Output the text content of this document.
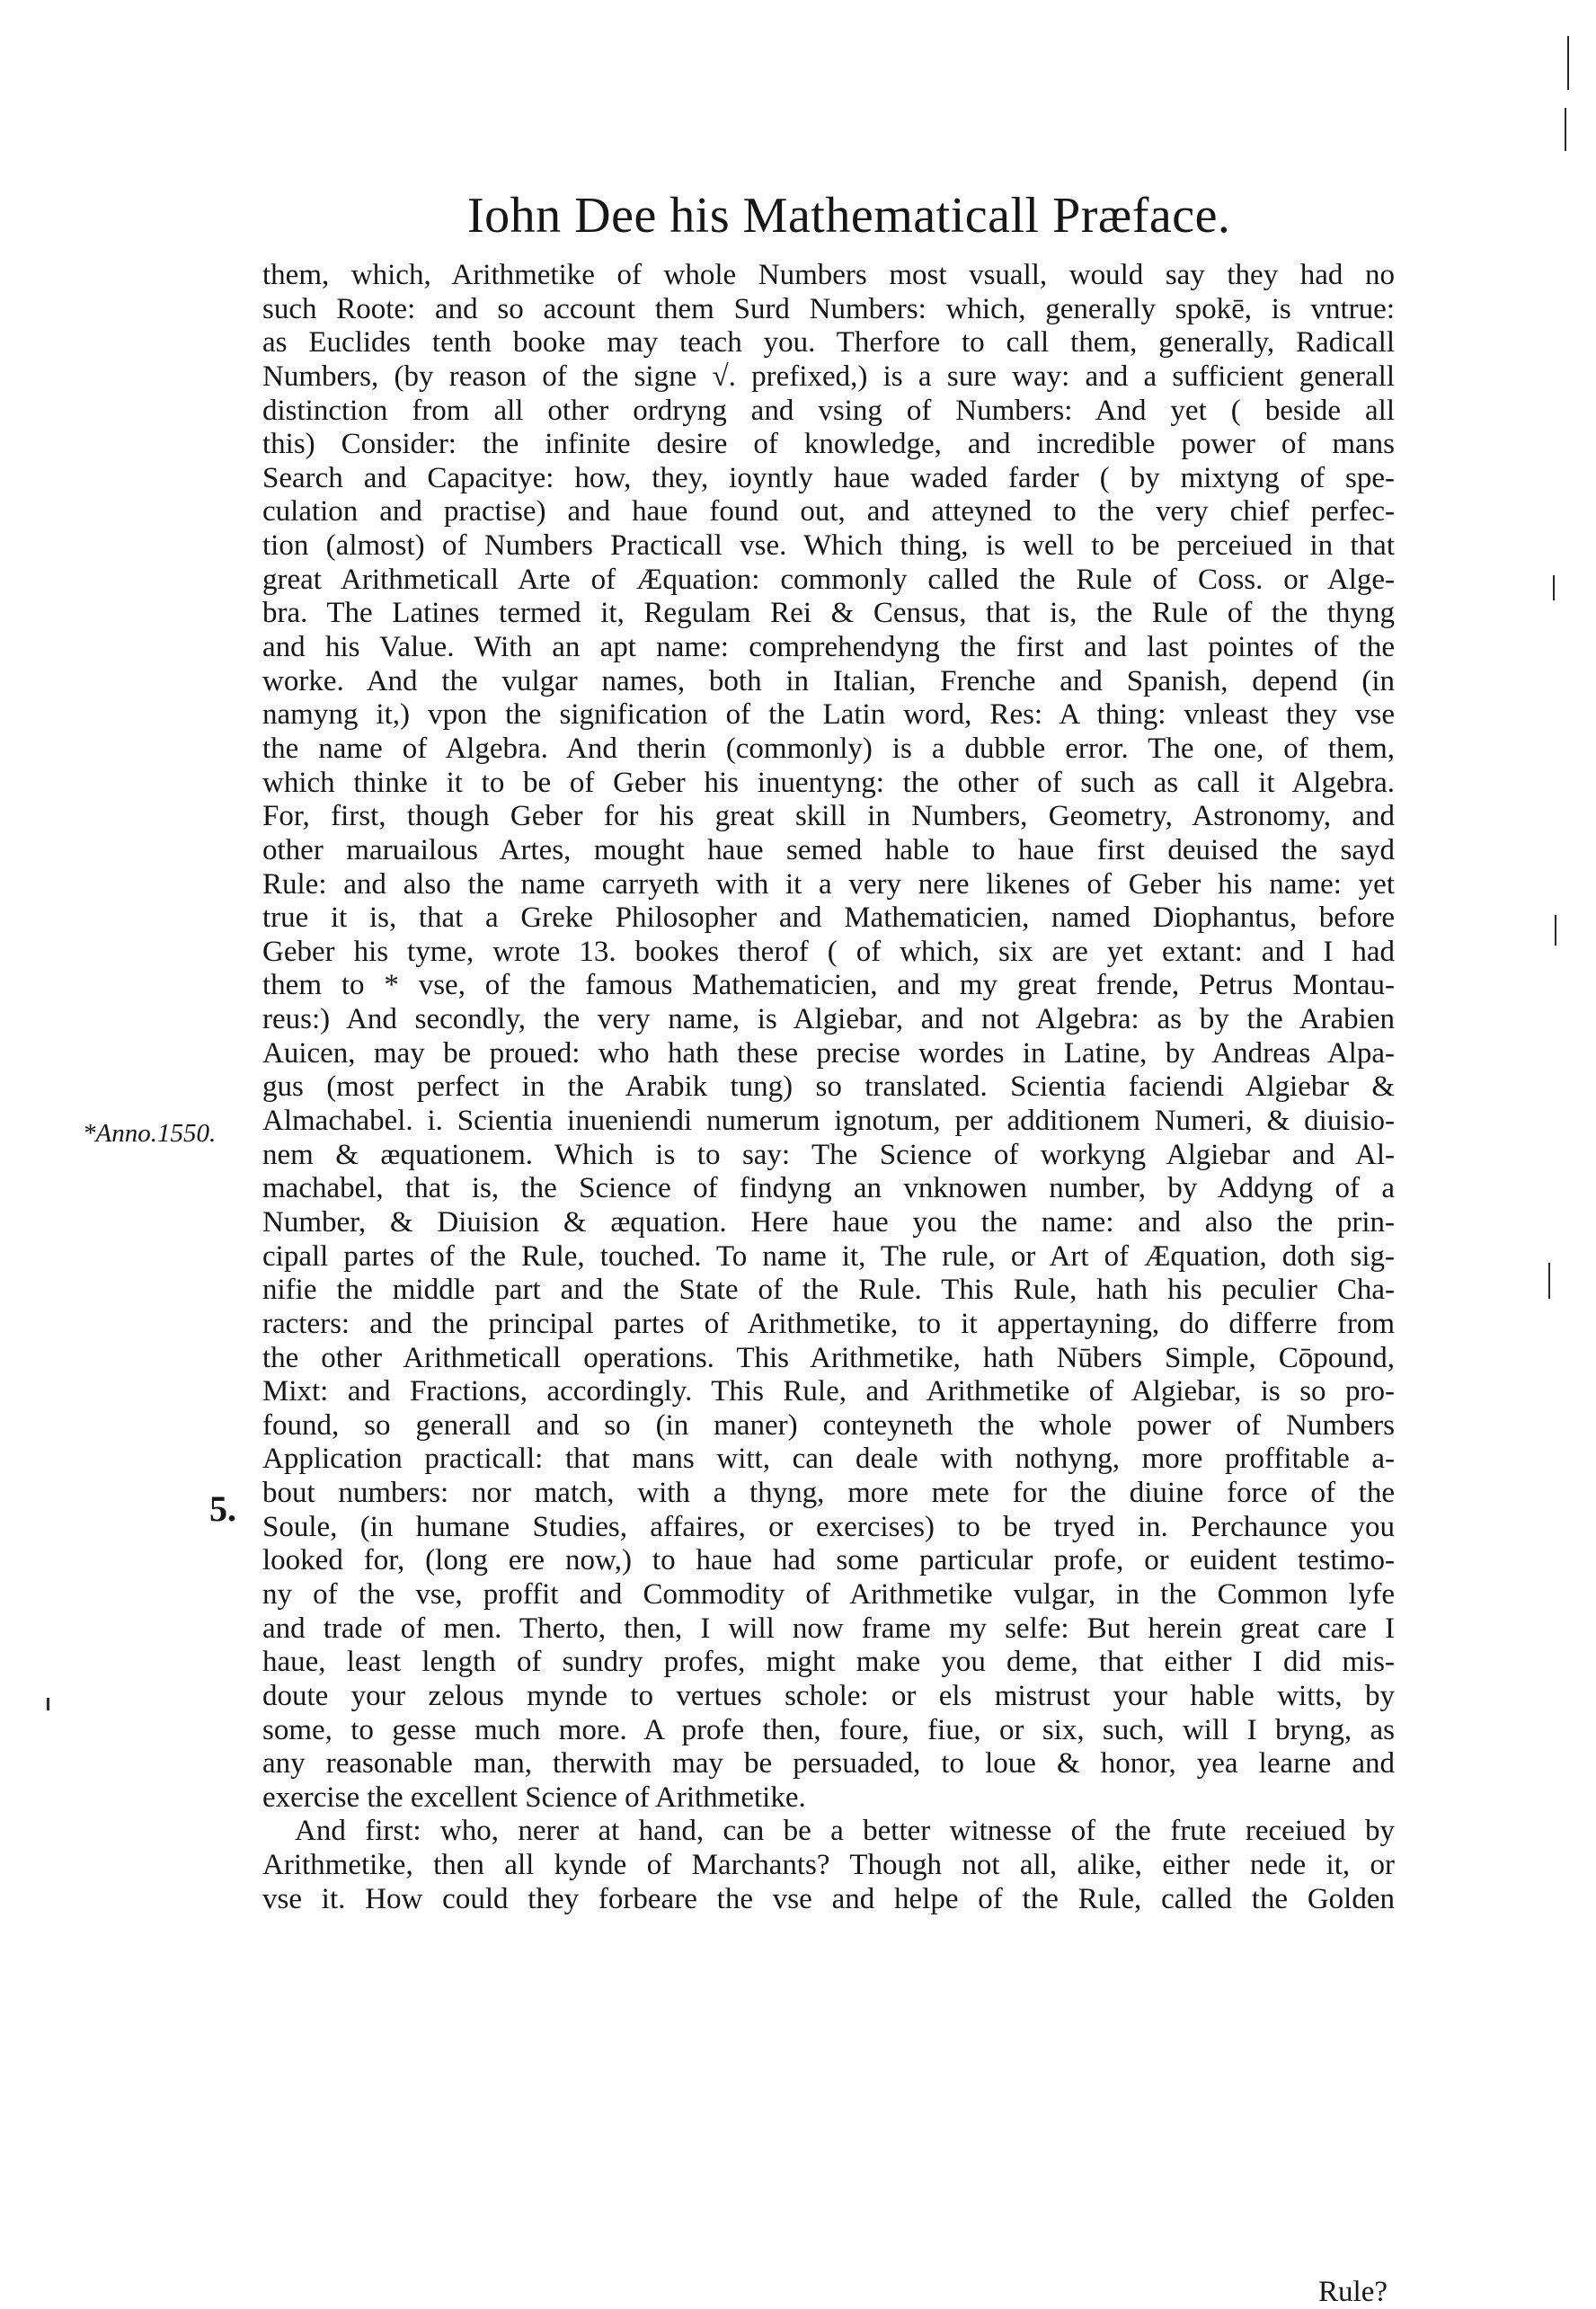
Iohn Dee his Mathematicall Præface.
*Anno.1550.
5.
them, which, Arithmetike of whole Numbers most vsuall, would say they had no
such Roote: and so account them Surd Numbers: which, generally spokē, is vntrue:
as Euclides tenth booke may teach you. Therfore to call them, generally, Radicall
Numbers, (by reason of the signe √. prefixed,) is a sure way: and a sufficient generall
distinction from all other ordryng and vsing of Numbers: And yet ( beside all
this) Consider: the infinite desire of knowledge, and incredible power of mans
Search and Capacitye: how, they, ioyntly haue waded farder ( by mixtyng of spe-
culation and practise) and haue found out, and atteyned to the very chief perfec-
tion (almost) of Numbers Practicall vse. Which thing, is well to be perceiued in that
great Arithmeticall Arte of Æquation: commonly called the Rule of Coss. or Alge-
bra. The Latines termed it, Regulam Rei & Census, that is, the Rule of the thyng
and his Value. With an apt name: comprehendyng the first and last pointes of the
worke. And the vulgar names, both in Italian, Frenche and Spanish, depend (in
namyng it,) vpon the signification of the Latin word, Res: A thing: vnleast they vse
the name of Algebra. And therin (commonly) is a dubble error. The one, of them,
which thinke it to be of Geber his inuentyng: the other of such as call it Algebra.
For, first, though Geber for his great skill in Numbers, Geometry, Astronomy, and
other maruailous Artes, mought haue semed hable to haue first deuised the sayd
Rule: and also the name carryeth with it a very nere likenes of Geber his name: yet
true it is, that a Greke Philosopher and Mathematicien, named Diophantus, before
Geber his tyme, wrote 13. bookes therof ( of which, six are yet extant: and I had
them to * vse, of the famous Mathematicien, and my great frende, Petrus Montau-
reus:) And secondly, the very name, is Algiebar, and not Algebra: as by the Arabien
Auicen, may be proued: who hath these precise wordes in Latine, by Andreas Alpa-
gus (most perfect in the Arabik tung) so translated. Scientia faciendi Algiebar &
Almachabel. i. Scientia inueniendi numerum ignotum, per additionem Numeri, & diuisio-
nem & æquationem. Which is to say: The Science of workyng Algiebar and Al-
machabel, that is, the Science of findyng an vnknowen number, by Addyng of a
Number, & Diuision & æquation. Here haue you the name: and also the prin-
cipall partes of the Rule, touched. To name it, The rule, or Art of Æquation, doth sig-
nifie the middle part and the State of the Rule. This Rule, hath his peculier Cha-
racters: and the principal partes of Arithmetike, to it appertayning, do differre from
the other Arithmeticall operations. This Arithmetike, hath Nūbers Simple, Cōpound,
Mixt: and Fractions, accordingly. This Rule, and Arithmetike of Algiebar, is so pro-
found, so generall and so (in maner) conteyneth the whole power of Numbers
Application practicall: that mans witt, can deale with nothyng, more proffitable a-
bout numbers: nor match, with a thyng, more mete for the diuine force of the
Soule, (in humane Studies, affaires, or exercises) to be tryed in. Perchaunce you
looked for, (long ere now,) to haue had some particular profe, or euident testimo-
ny of the vse, proffit and Commodity of Arithmetike vulgar, in the Common lyfe
and trade of men. Therto, then, I will now frame my selfe: But herein great care I
haue, least length of sundry profes, might make you deme, that either I did mis-
doute your zelous mynde to vertues schole: or els mistrust your hable witts, by
some, to gesse much more. A profe then, foure, fiue, or six, such, will I bryng, as
any reasonable man, therwith may be persuaded, to loue & honor, yea learne and
exercise the excellent Science of Arithmetike.
And first: who, nerer at hand, can be a better witnesse of the frute receiued by
Arithmetike, then all kynde of Marchants? Though not all, alike, either nede it, or
vse it. How could they forbeare the vse and helpe of the Rule, called the Golden
Rule?
